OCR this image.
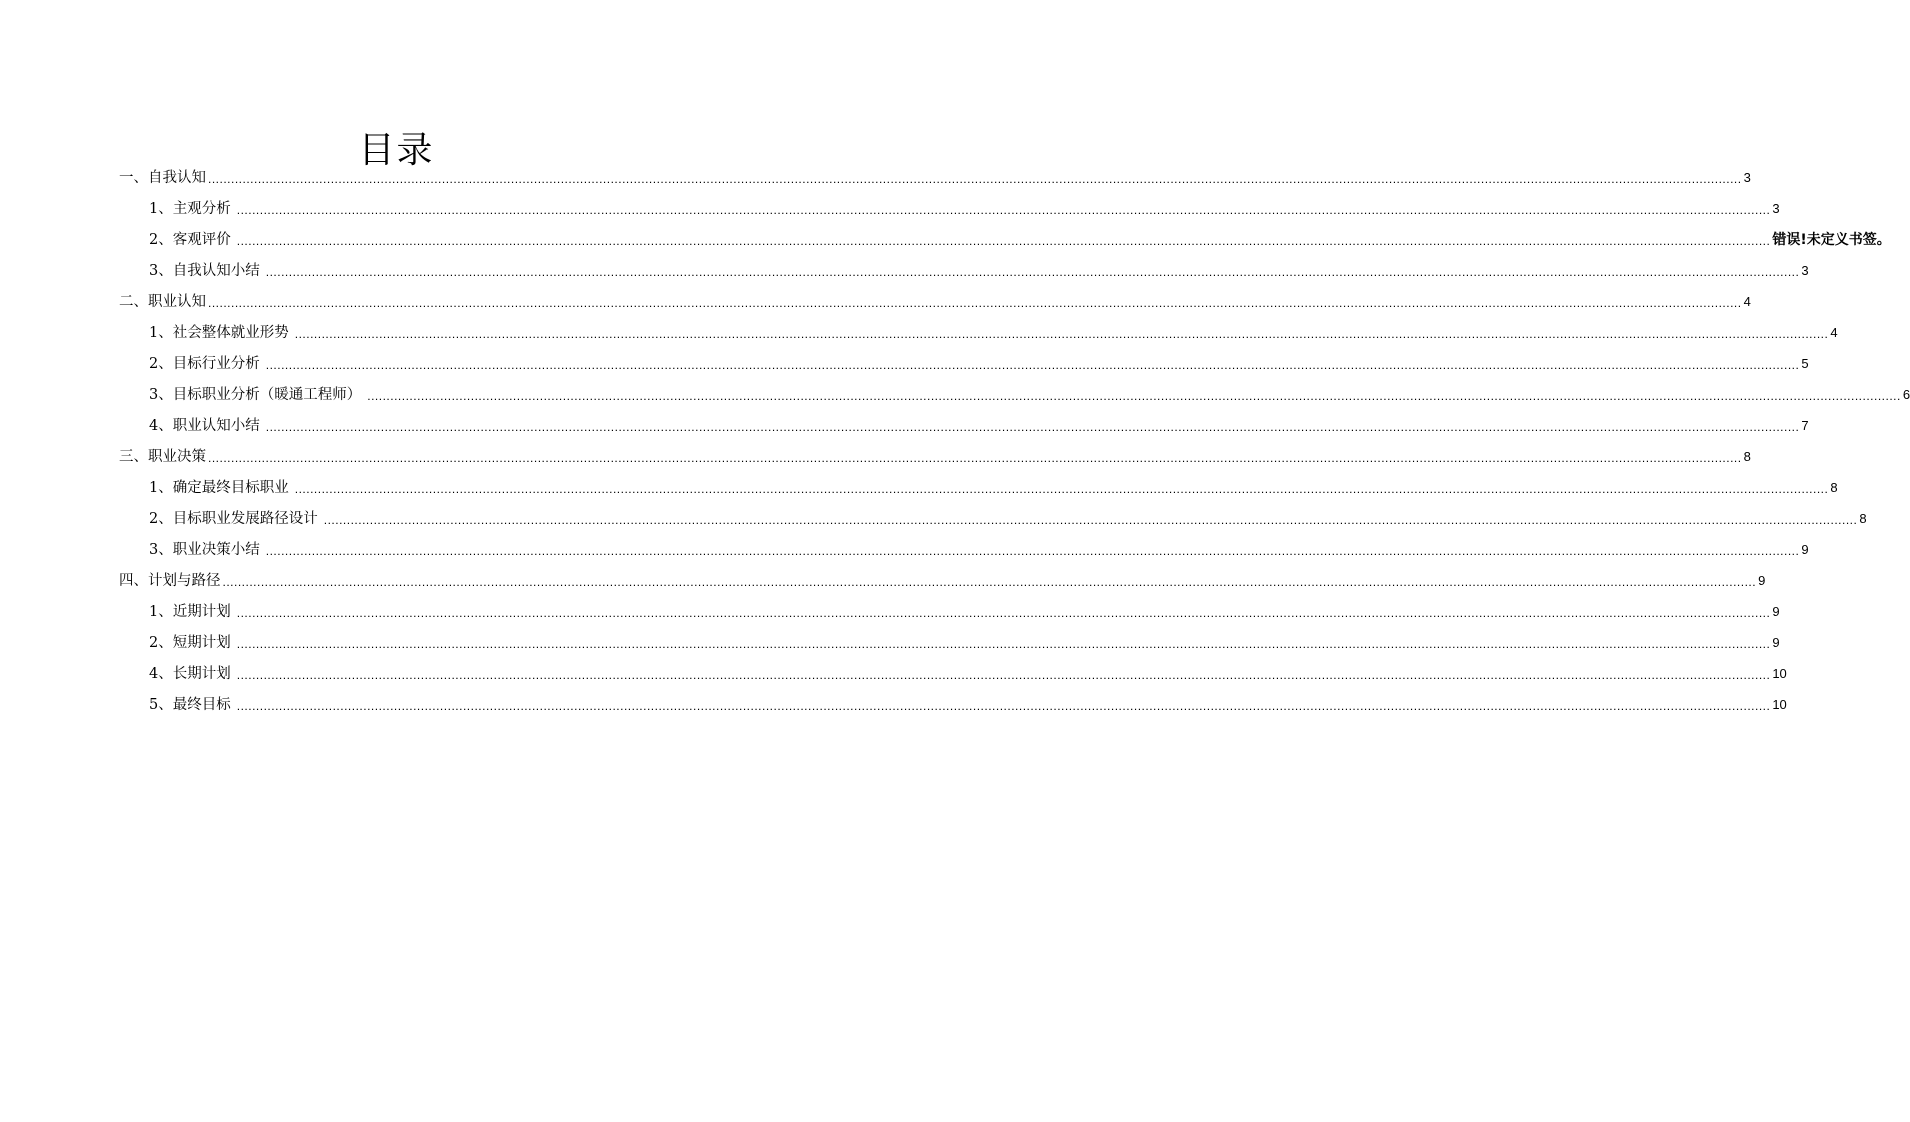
目录
一、自我认知 ................................................................................................................................................................................................................................................................................................................................................................................................................ 3
1、主观分析 ................................................................................................................................................................................................................................................................................................................................................................................................................ 3
2、客观评价 ................................................................................................................................................................................................................................................................................................................................................................................................................ 错误!未定义书签。
3、自我认知小结 ................................................................................................................................................................................................................................................................................................................................................................................................................ 3
二、职业认知 ................................................................................................................................................................................................................................................................................................................................................................................................................ 4
1、社会整体就业形势 ................................................................................................................................................................................................................................................................................................................................................................................................................ 4
2、目标行业分析 ................................................................................................................................................................................................................................................................................................................................................................................................................ 5
3、目标职业分析（暖通工程师） ................................................................................................................................................................................................................................................................................................................................................................................................................ 6
4、职业认知小结 ................................................................................................................................................................................................................................................................................................................................................................................................................ 7
三、职业决策 ................................................................................................................................................................................................................................................................................................................................................................................................................ 8
1、确定最终目标职业 ................................................................................................................................................................................................................................................................................................................................................................................................................ 8
2、目标职业发展路径设计 ................................................................................................................................................................................................................................................................................................................................................................................................................ 8
3、职业决策小结 ................................................................................................................................................................................................................................................................................................................................................................................................................ 9
四、计划与路径 ................................................................................................................................................................................................................................................................................................................................................................................................................ 9
1、近期计划 ................................................................................................................................................................................................................................................................................................................................................................................................................ 9
2、短期计划 ................................................................................................................................................................................................................................................................................................................................................................................................................ 9
4、长期计划 ................................................................................................................................................................................................................................................................................................................................................................................................................ 10
5、最终目标 ................................................................................................................................................................................................................................................................................................................................................................................................................ 10
